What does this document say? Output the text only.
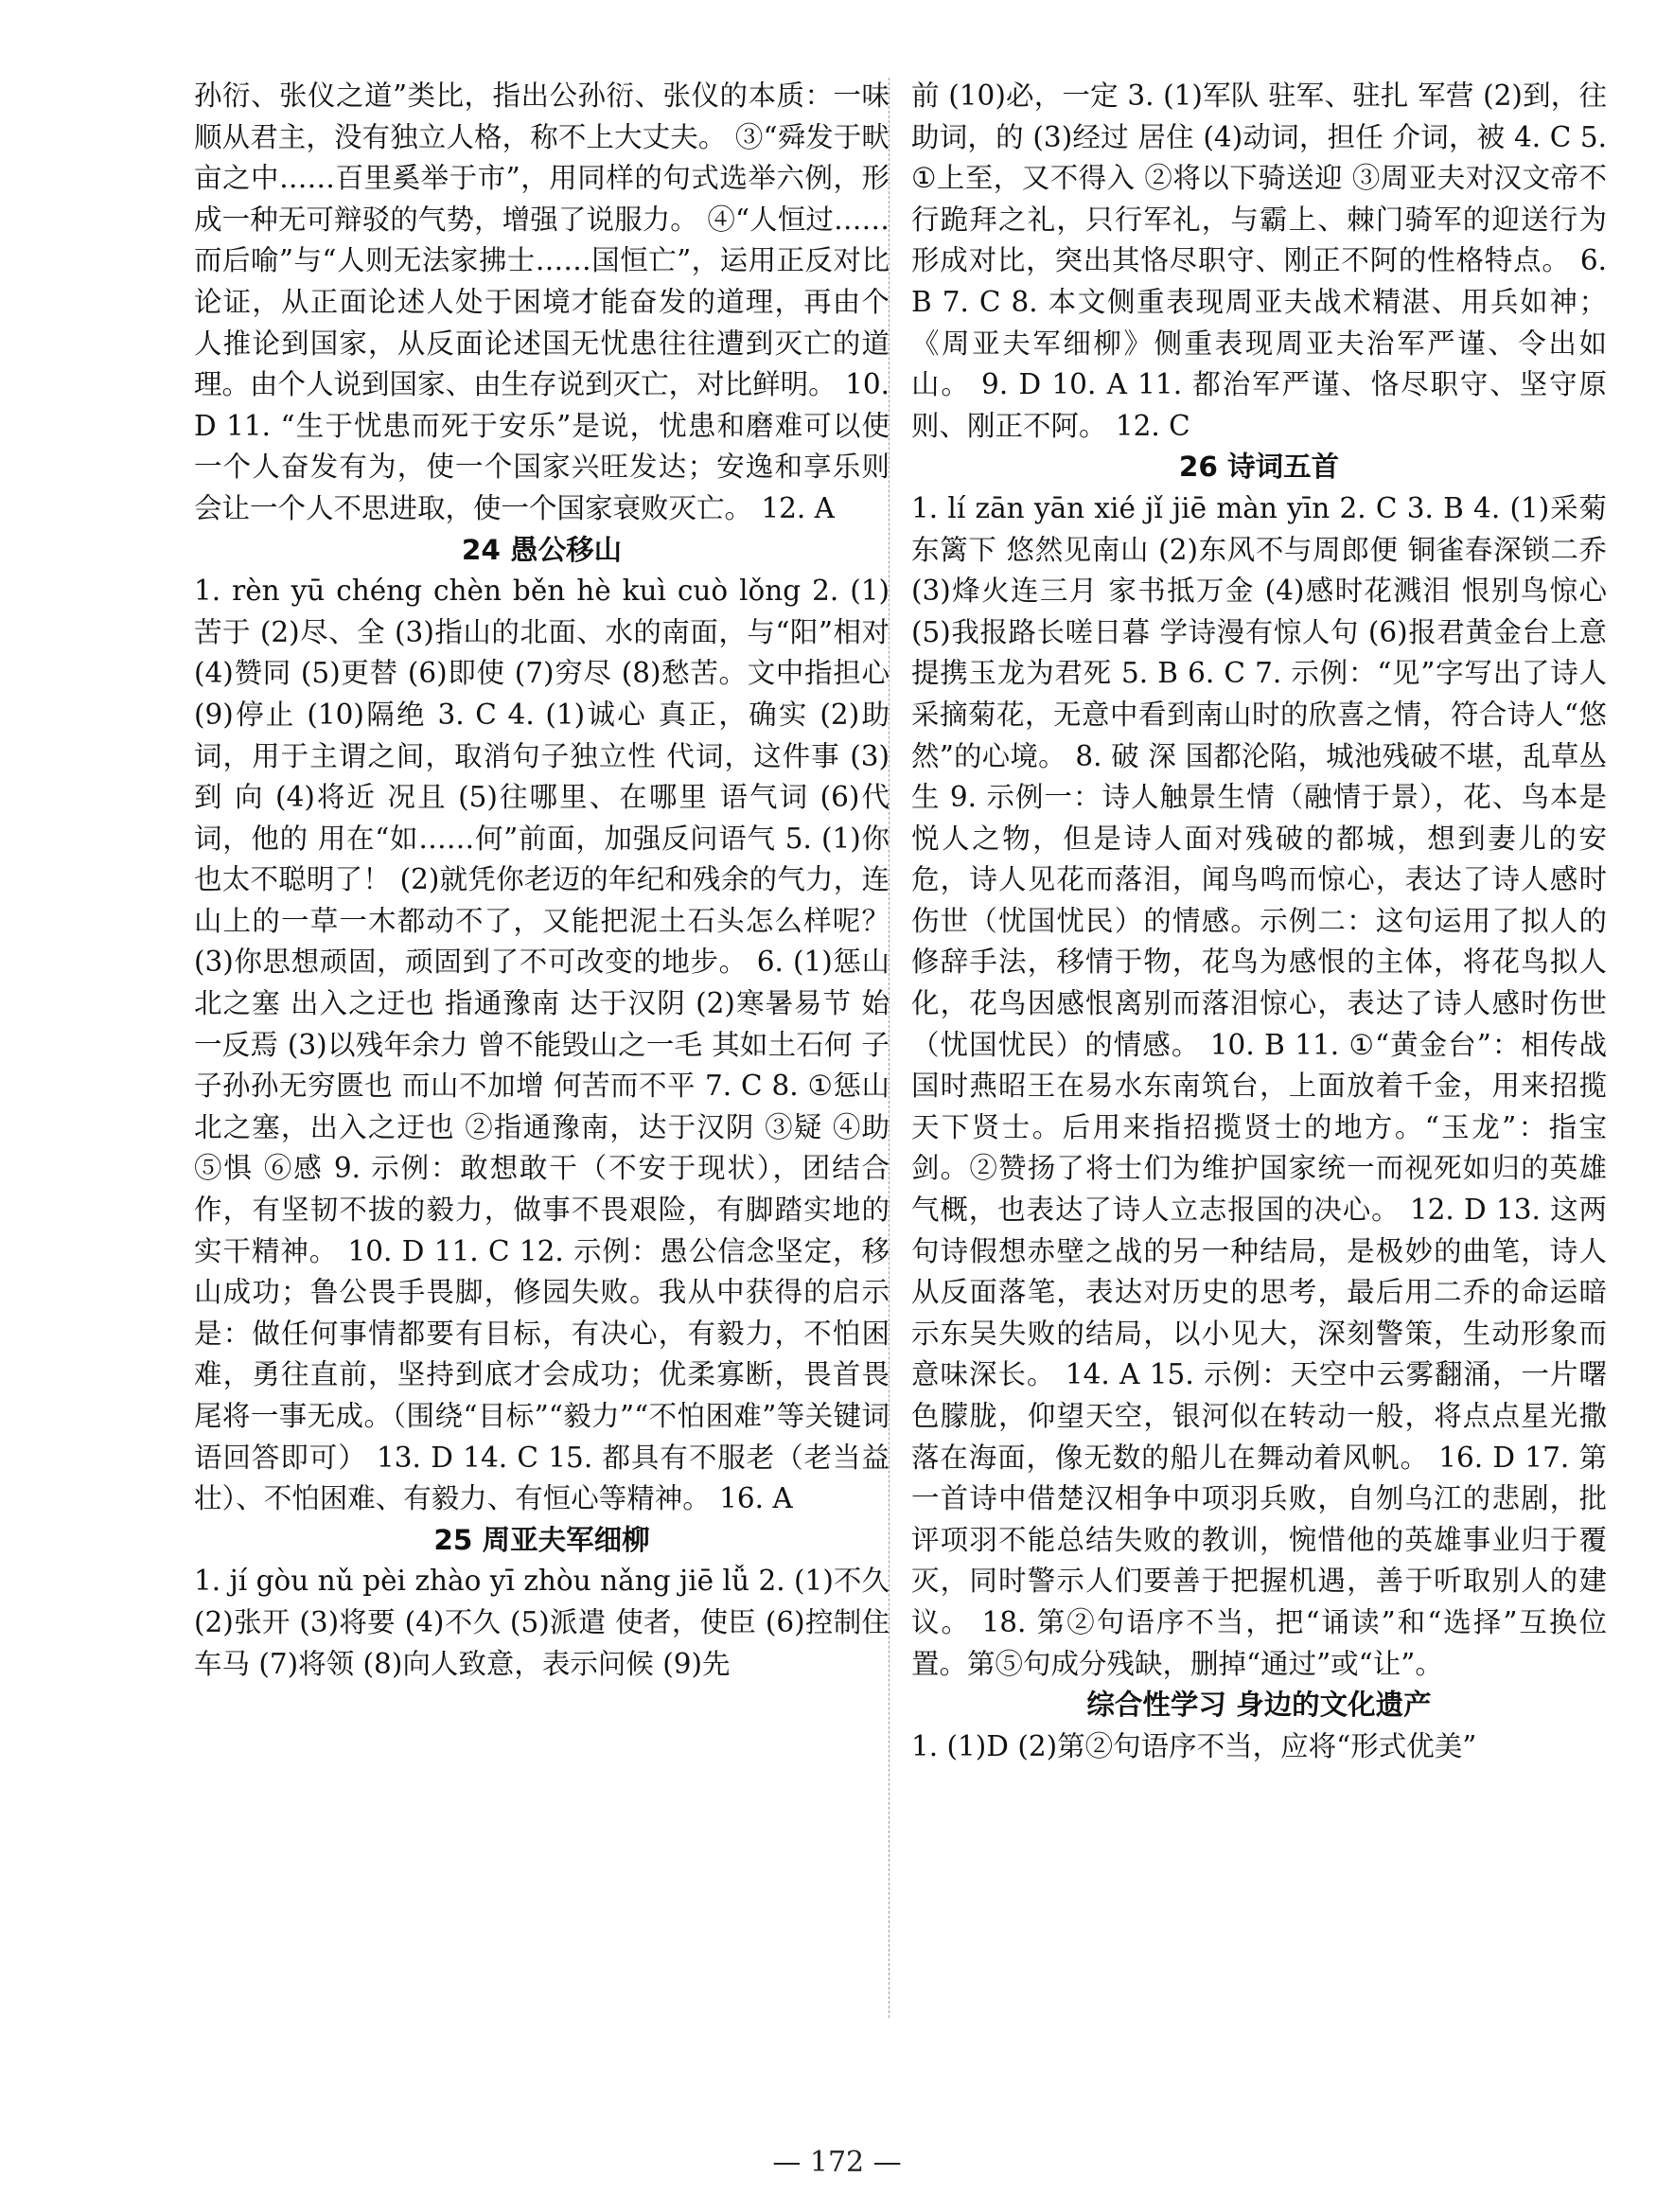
孙衍、张仪之道”类比，指出公孙衍、张仪的本质：一味顺从君主，没有独立人格，称不上大丈夫。 ③“舜发于畎亩之中……百里奚举于市”，用同样的句式选举六例，形成一种无可辩驳的气势，增强了说服力。 ④“人恒过……而后喻”与“人则无法家拂士……国恒亡”，运用正反对比论证，从正面论述人处于困境才能奋发的道理，再由个人推论到国家，从反面论述国无忧患往往遭到灭亡的道理。由个人说到国家、由生存说到灭亡，对比鲜明。 10. D 11. “生于忧患而死于安乐”是说，忧患和磨难可以使一个人奋发有为，使一个国家兴旺发达；安逸和享乐则会让一个人不思进取，使一个国家衰败灭亡。 12. A

24 愚公移山

1. rèn yū chéng chèn běn hè kuì cuò lǒng 2. (1)苦于 (2)尽、全 (3)指山的北面、水的南面，与“阳”相对 (4)赞同 (5)更替 (6)即使 (7)穷尽 (8)愁苦。文中指担心 (9)停止 (10)隔绝 3. C 4. (1)诚心 真正，确实 (2)助词，用于主谓之间，取消句子独立性 代词，这件事 (3)到 向 (4)将近 况且 (5)往哪里、在哪里 语气词 (6)代词，他的 用在“如……何”前面，加强反问语气 5. (1)你也太不聪明了！ (2)就凭你老迈的年纪和残余的气力，连山上的一草一木都动不了，又能把泥土石头怎么样呢？ (3)你思想顽固，顽固到了不可改变的地步。 6. (1)惩山北之塞 出入之迂也 指通豫南 达于汉阴 (2)寒暑易节 始一反焉 (3)以残年余力 曾不能毁山之一毛 其如土石何 子子孙孙无穷匮也 而山不加增 何苦而不平 7. C 8. ①惩山北之塞，出入之迂也 ②指通豫南，达于汉阴 ③疑 ④助 ⑤惧 ⑥感 9. 示例：敢想敢干（不安于现状），团结合作，有坚韧不拔的毅力，做事不畏艰险，有脚踏实地的实干精神。 10. D 11. C 12. 示例：愚公信念坚定，移山成功；鲁公畏手畏脚，修园失败。我从中获得的启示是：做任何事情都要有目标，有决心，有毅力，不怕困难，勇往直前，坚持到底才会成功；优柔寡断，畏首畏尾将一事无成。（围绕“目标”“毅力”“不怕困难”等关键词语回答即可） 13. D 14. C 15. 都具有不服老（老当益壮）、不怕困难、有毅力、有恒心等精神。 16. A

25 周亚夫军细柳

1. jí gòu nǔ pèi zhào yī zhòu nǎng jiē lǚ 2. (1)不久 (2)张开 (3)将要 (4)不久 (5)派遣 使者，使臣 (6)控制住车马 (7)将领 (8)向人致意，表示问候 (9)先

前 (10)必，一定 3. (1)军队 驻军、驻扎 军营 (2)到，往 助词，的 (3)经过 居住 (4)动词，担任 介词，被 4. C 5. ①上至，又不得入 ②将以下骑送迎 ③周亚夫对汉文帝不行跪拜之礼，只行军礼，与霸上、棘门骑军的迎送行为形成对比，突出其恪尽职守、刚正不阿的性格特点。 6. B 7. C 8. 本文侧重表现周亚夫战术精湛、用兵如神；《周亚夫军细柳》侧重表现周亚夫治军严谨、令出如山。 9. D 10. A 11. 都治军严谨、恪尽职守、坚守原则、刚正不阿。 12. C

26 诗词五首

1. lí zān yān xié jǐ jiē màn yīn 2. C 3. B 4. (1)采菊东篱下 悠然见南山 (2)东风不与周郎便 铜雀春深锁二乔 (3)烽火连三月 家书抵万金 (4)感时花溅泪 恨别鸟惊心 (5)我报路长嗟日暮 学诗漫有惊人句 (6)报君黄金台上意 提携玉龙为君死 5. B 6. C 7. 示例：“见”字写出了诗人采摘菊花，无意中看到南山时的欣喜之情，符合诗人“悠然”的心境。 8. 破 深 国都沦陷，城池残破不堪，乱草丛生 9. 示例一：诗人触景生情（融情于景），花、鸟本是悦人之物，但是诗人面对残破的都城，想到妻儿的安危，诗人见花而落泪，闻鸟鸣而惊心，表达了诗人感时伤世（忧国忧民）的情感。示例二：这句运用了拟人的修辞手法，移情于物，花鸟为感恨的主体，将花鸟拟人化，花鸟因感恨离别而落泪惊心，表达了诗人感时伤世（忧国忧民）的情感。 10. B 11. ①“黄金台”：相传战国时燕昭王在易水东南筑台，上面放着千金，用来招揽天下贤士。后用来指招揽贤士的地方。“玉龙”：指宝剑。②赞扬了将士们为维护国家统一而视死如归的英雄气概，也表达了诗人立志报国的决心。 12. D 13. 这两句诗假想赤壁之战的另一种结局，是极妙的曲笔，诗人从反面落笔，表达对历史的思考，最后用二乔的命运暗示东吴失败的结局，以小见大，深刻警策，生动形象而意味深长。 14. A 15. 示例：天空中云雾翻涌，一片曙色朦胧，仰望天空，银河似在转动一般，将点点星光撒落在海面，像无数的船儿在舞动着风帆。 16. D 17. 第一首诗中借楚汉相争中项羽兵败，自刎乌江的悲剧，批评项羽不能总结失败的教训，惋惜他的英雄事业归于覆灭，同时警示人们要善于把握机遇，善于听取别人的建议。 18. 第②句语序不当，把“诵读”和“选择”互换位置。第⑤句成分残缺，删掉“通过”或“让”。

综合性学习 身边的文化遗产

1. (1)D (2)第②句语序不当，应将“形式优美”

— 172 —
